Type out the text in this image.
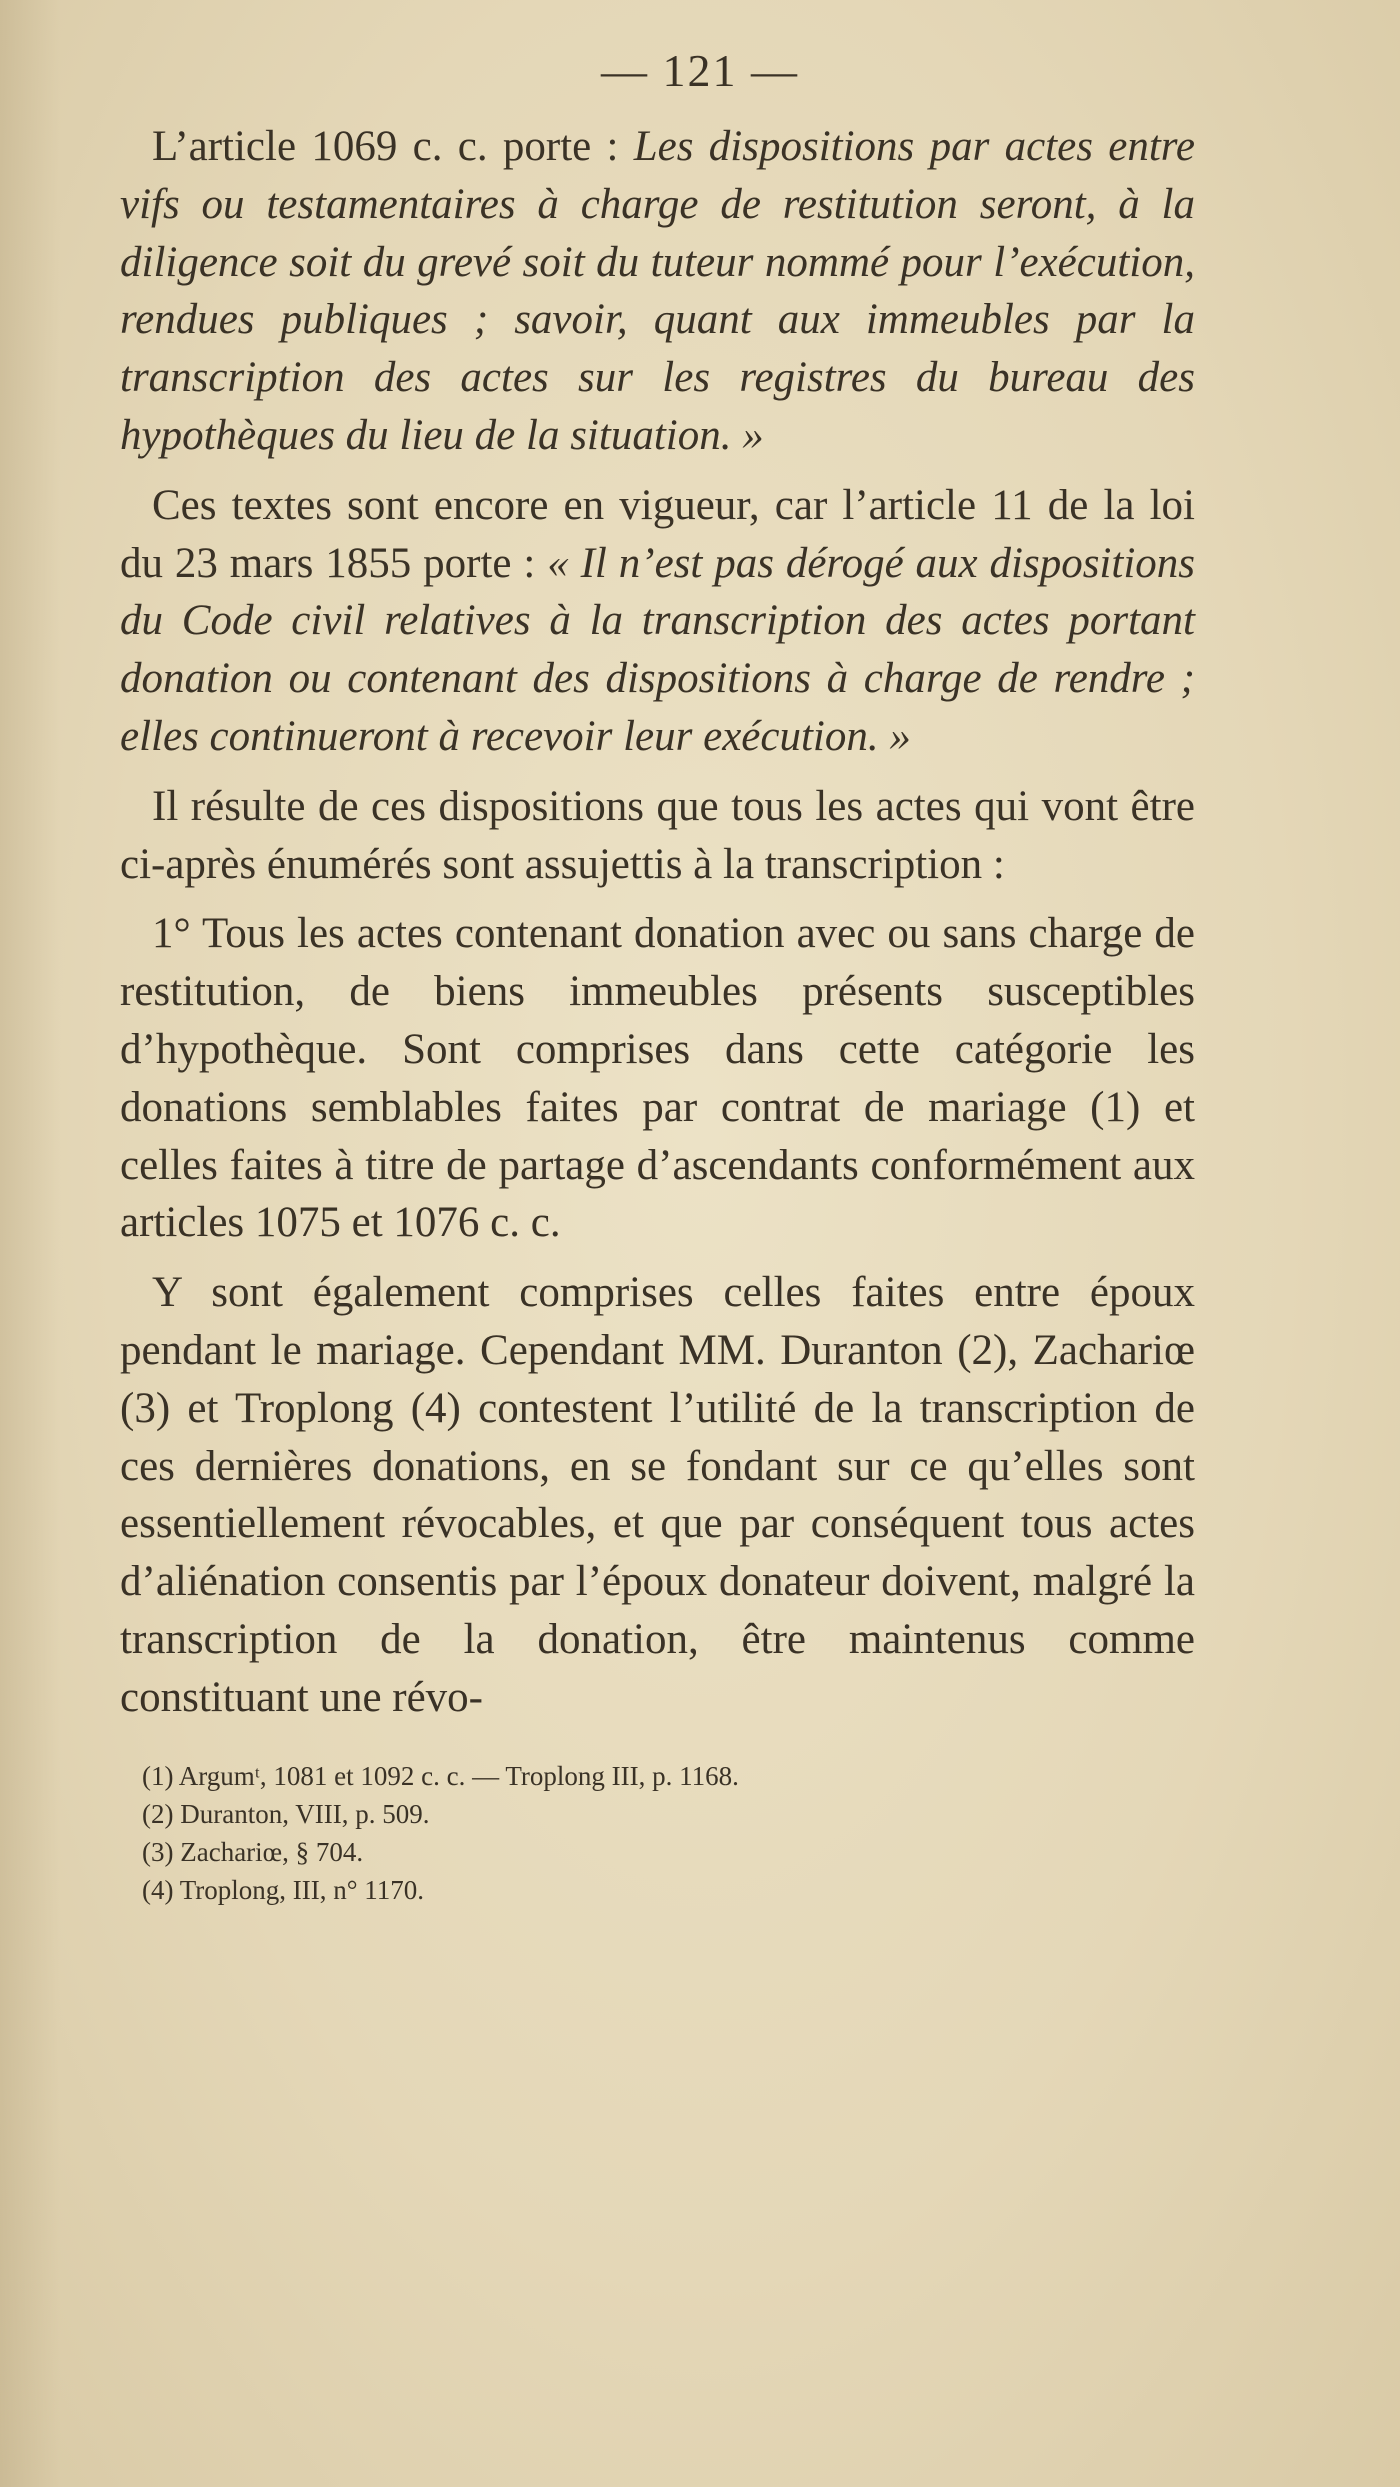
— 121 —

L’article 1069 c. c. porte : Les dispositions par actes entre vifs ou testamentaires à charge de restitution seront, à la diligence soit du grevé soit du tuteur nommé pour l’exécution, rendues publiques ; savoir, quant aux immeubles par la transcription des actes sur les registres du bureau des hypothèques du lieu de la situation. »

Ces textes sont encore en vigueur, car l’article 11 de la loi du 23 mars 1855 porte : « Il n’est pas dérogé aux dispositions du Code civil relatives à la transcription des actes portant donation ou contenant des dispositions à charge de rendre ; elles continueront à recevoir leur exécution. »

Il résulte de ces dispositions que tous les actes qui vont être ci-après énumérés sont assujettis à la transcription :

1° Tous les actes contenant donation avec ou sans charge de restitution, de biens immeubles présents susceptibles d’hypothèque. Sont comprises dans cette catégorie les donations semblables faites par contrat de mariage (1) et celles faites à titre de partage d’ascendants conformément aux articles 1075 et 1076 c. c.

Y sont également comprises celles faites entre époux pendant le mariage. Cependant MM. Duranton (2), Zachariœ (3) et Troplong (4) contestent l’utilité de la transcription de ces dernières donations, en se fondant sur ce qu’elles sont essentiellement révocables, et que par conséquent tous actes d’aliénation consentis par l’époux donateur doivent, malgré la transcription de la donation, être maintenus comme constituant une révo-

(1) Argumᵗ, 1081 et 1092 c. c. — Troplong III, p. 1168.
(2) Duranton, VIII, p. 509.
(3) Zachariœ, § 704.
(4) Troplong, III, n° 1170.
